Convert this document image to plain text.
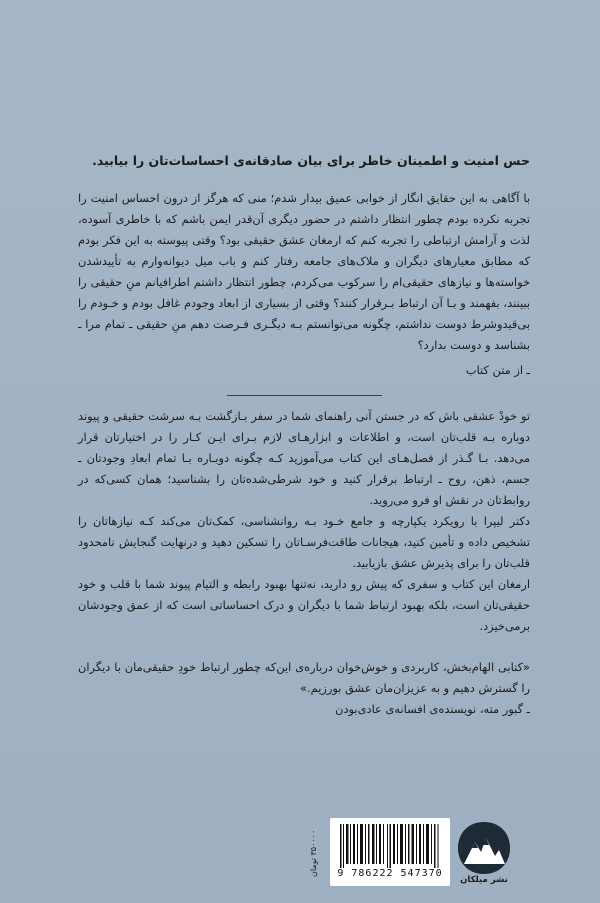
حس امنیت و اطمینان خاطر برای بیان صادقانه‌ی احساسات‌تان را بیابید.

با آگاهی به این حقایق انگار از خوابی عمیق بیدار شدم؛ منی که هرگز از درون احساس امنیت را تجربه نکرده بودم چطور انتظار داشتم در حضور دیگری آن‌قدر ایمن باشم که با خاطری آسوده، لذت و آرامش ارتباطی را تجربه کنم که ارمغان عشق حقیقی بود؟ وقتی پیوسته به این فکر بودم که مطابق معیارهای دیگران و ملاک‌های جامعه رفتار کنم و باب میل دیوانه‌وارم به تأییدشدن خواسته‌ها و نیازهای حقیقی‌ام را سرکوب می‌کردم، چطور انتظار داشتم اطرافیانم منِ حقیقی را ببینند، بفهمند و بـا آن ارتباط بـرقرار کنند؟ وقتی از بسیاری از ابعاد وجودم غافل بودم و خـودم را بی‌قیدوشرط دوست نداشتم، چگونه می‌توانستم بـه دیگـری فـرصت دهم منِ حقیقی ـ تمام مرا ـ بشناسد و دوست بدارد؟

ـ از متن کتاب

تو خودْ عشقی باش که در جستن آنی راهنمای شما در سفر بـازگشت بـه سرشت حقیقی و پیوند دوباره بـه قلب‌تان است، و اطلاعات و ابزارهـای لازم بـرای ایـن کـار را در اختیارتان قرار می‌دهد. بـا گـذر از فصل‌هـای این کتاب می‌آموزید کـه چگونه دوبـاره بـا تمام ابعادِ وجودتان ـ جسم، ذهن، روح ـ ارتباط برقرار کنید و خود شرطی‌شده‌تان را بشناسید؛ همان کسی‌که در روابط‌تان در نقش او فرو می‌روید.

دکتر لیپرا با رویکرد یکپارچه و جامع خـود بـه روانشناسی، کمک‌تان می‌کند کـه نیازهاتان را تشخیص داده و تأمین کنید، هیجانات طاقت‌فرسـاتان را تسکین دهید و درنهایت گنجایش نامحدود قلب‌تان را برای پذیرش عشق بازیابید.

ارمغان این کتاب و سفری که پیش رو دارید، نه‌تنها بهبود رابطه و التیام پیوند شما با قلب و خود حقیقی‌تان است، بلکه بهبود ارتباط شما با دیگران و درک احساساتی است که از عمق وجودشان برمی‌خیزد.

«کتابی الهام‌بخش، کاربردی و خوش‌خوان درباره‌ی این‌که چطور ارتباط خودِ حقیقی‌مان با دیگران را گسترش دهیم و به عزیزان‌مان عشق بورزیم.»

ـ گبور مته، نویسنده‌ی افسانه‌ی عادی‌بودن

۳۵۰۰۰۰ تومان
9 786222 547370
نشر میلکان
